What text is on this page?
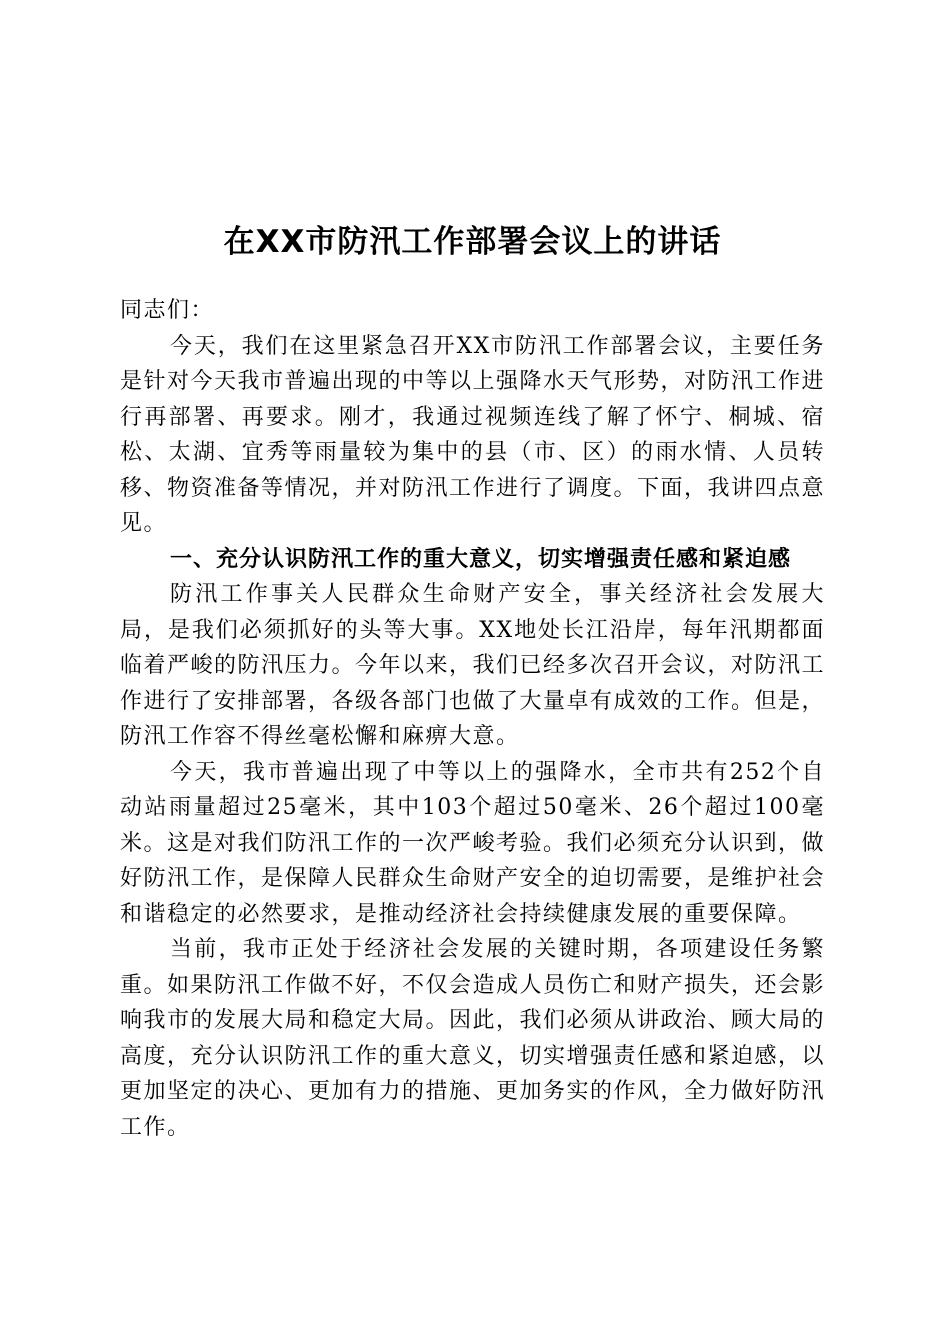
在XX市防汛工作部署会议上的讲话

同志们：

今天，我们在这里紧急召开XX市防汛工作部署会议，主要任务是针对今天我市普遍出现的中等以上强降水天气形势，对防汛工作进行再部署、再要求。刚才，我通过视频连线了解了怀宁、桐城、宿松、太湖、宜秀等雨量较为集中的县（市、区）的雨水情、人员转移、物资准备等情况，并对防汛工作进行了调度。下面，我讲四点意见。

一、充分认识防汛工作的重大意义，切实增强责任感和紧迫感

防汛工作事关人民群众生命财产安全，事关经济社会发展大局，是我们必须抓好的头等大事。XX地处长江沿岸，每年汛期都面临着严峻的防汛压力。今年以来，我们已经多次召开会议，对防汛工作进行了安排部署，各级各部门也做了大量卓有成效的工作。但是，防汛工作容不得丝毫松懈和麻痹大意。

今天，我市普遍出现了中等以上的强降水，全市共有252个自动站雨量超过25毫米，其中103个超过50毫米、26个超过100毫米。这是对我们防汛工作的一次严峻考验。我们必须充分认识到，做好防汛工作，是保障人民群众生命财产安全的迫切需要，是维护社会和谐稳定的必然要求，是推动经济社会持续健康发展的重要保障。

当前，我市正处于经济社会发展的关键时期，各项建设任务繁重。如果防汛工作做不好，不仅会造成人员伤亡和财产损失，还会影响我市的发展大局和稳定大局。因此，我们必须从讲政治、顾大局的高度，充分认识防汛工作的重大意义，切实增强责任感和紧迫感，以更加坚定的决心、更加有力的措施、更加务实的作风，全力做好防汛工作。
